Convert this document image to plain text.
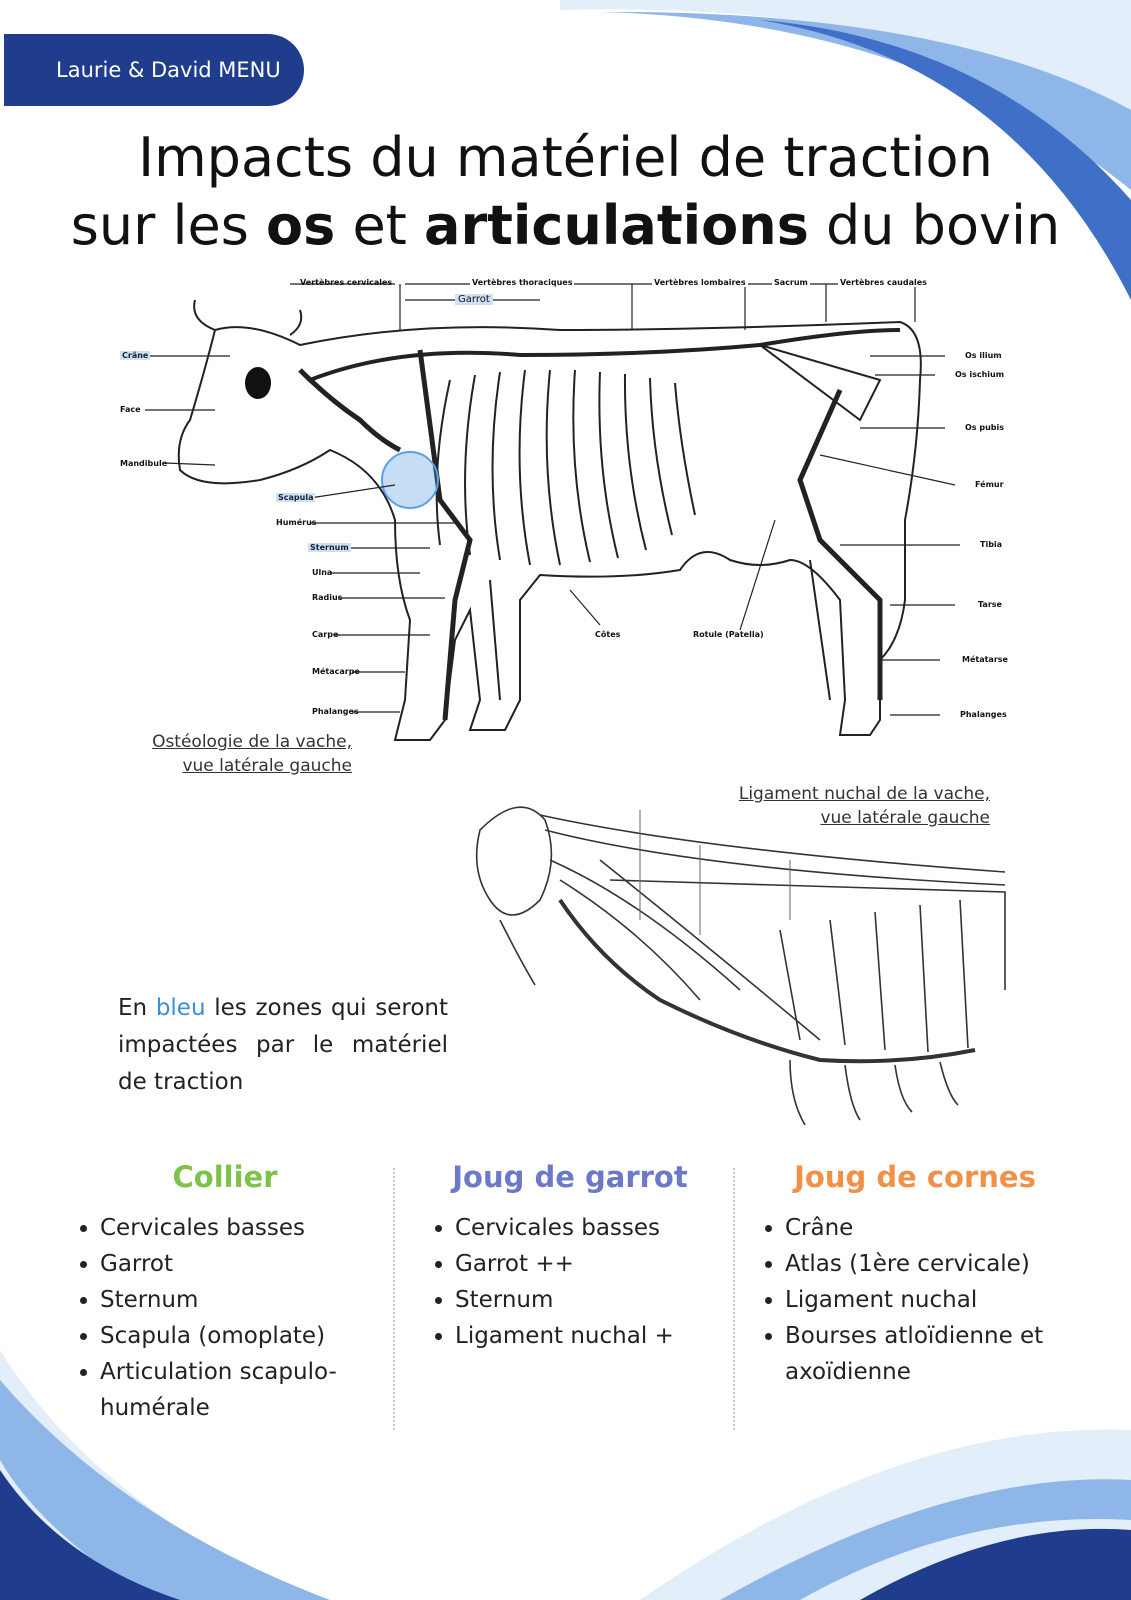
Laurie & David MENU
Impacts du matériel de traction
sur les os et articulations du bovin
Vertèbres cervicales	Vertèbres thoraciques
Garrot
Vertèbres lombaires	Sacrum	Vertèbres caudales
Crâne
Face
Mandibule
Scapula
Humérus
Sternum
Ulna
Radius
Carpe
Métacarpe
Phalanges
Côtes	Rotule (Patella)
Os ilium
Os ischium
Os pubis
Fémur
Tibia
Tarse
Métatarse
Phalanges
Ostéologie de la vache,
vue latérale gauche
Ligament nuchal de la vache,
vue latérale gauche

En bleu les zones qui seront impactées par le matériel de traction

Collier
• Cervicales basses
• Garrot
• Sternum
• Scapula (omoplate)
• Articulation scapulo-humérale
Joug de garrot
• Cervicales basses
• Garrot ++
• Sternum
• Ligament nuchal +
Joug de cornes
• Crâne
• Atlas (1ère cervicale)
• Ligament nuchal
• Bourses atloïdienne et axoïdienne
